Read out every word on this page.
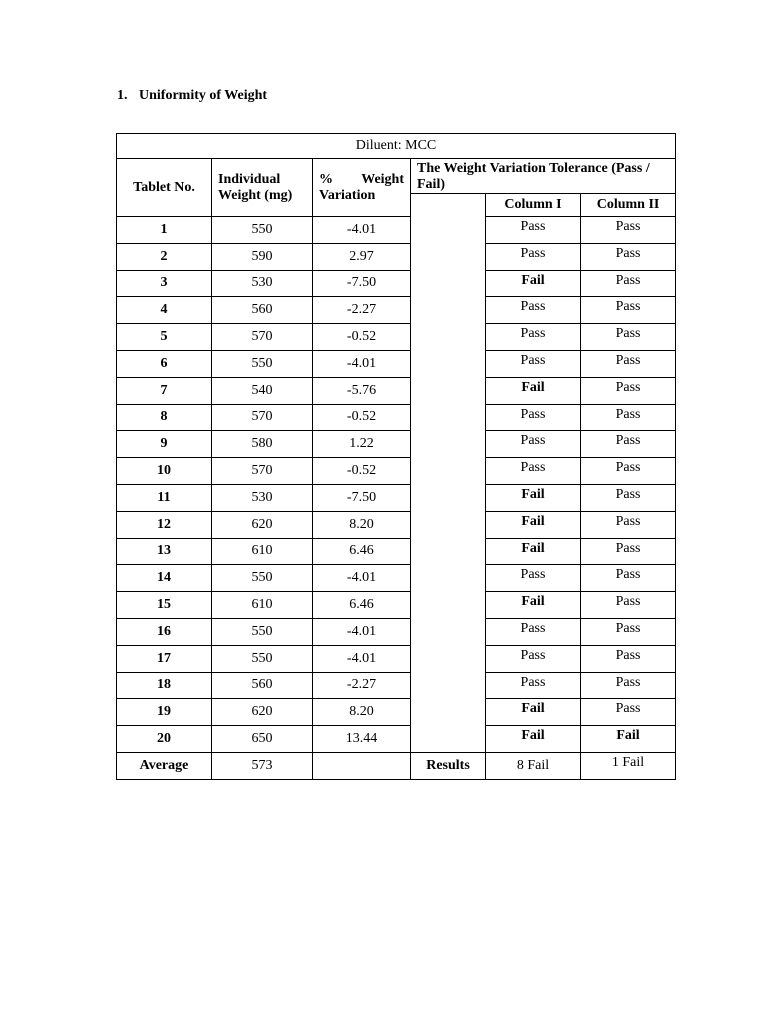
1. Uniformity of Weight
Diluent: MCC					
Tablet No.	Individual Weight (mg)	% Weight Variation	The Weight Variation Tolerance (Pass / Fail)		
				Column I	Column II
1	550	-4.01		Pass	Pass
2	590	2.97		Pass	Pass
3	530	-7.50		Fail	Pass
4	560	-2.27		Pass	Pass
5	570	-0.52		Pass	Pass
6	550	-4.01		Pass	Pass
7	540	-5.76		Fail	Pass
8	570	-0.52		Pass	Pass
9	580	1.22		Pass	Pass
10	570	-0.52		Pass	Pass
11	530	-7.50		Fail	Pass
12	620	8.20		Fail	Pass
13	610	6.46		Fail	Pass
14	550	-4.01		Pass	Pass
15	610	6.46		Fail	Pass
16	550	-4.01		Pass	Pass
17	550	-4.01		Pass	Pass
18	560	-2.27		Pass	Pass
19	620	8.20		Fail	Pass
20	650	13.44		Fail	Fail
Average	573		Results	8 Fail	1 Fail
